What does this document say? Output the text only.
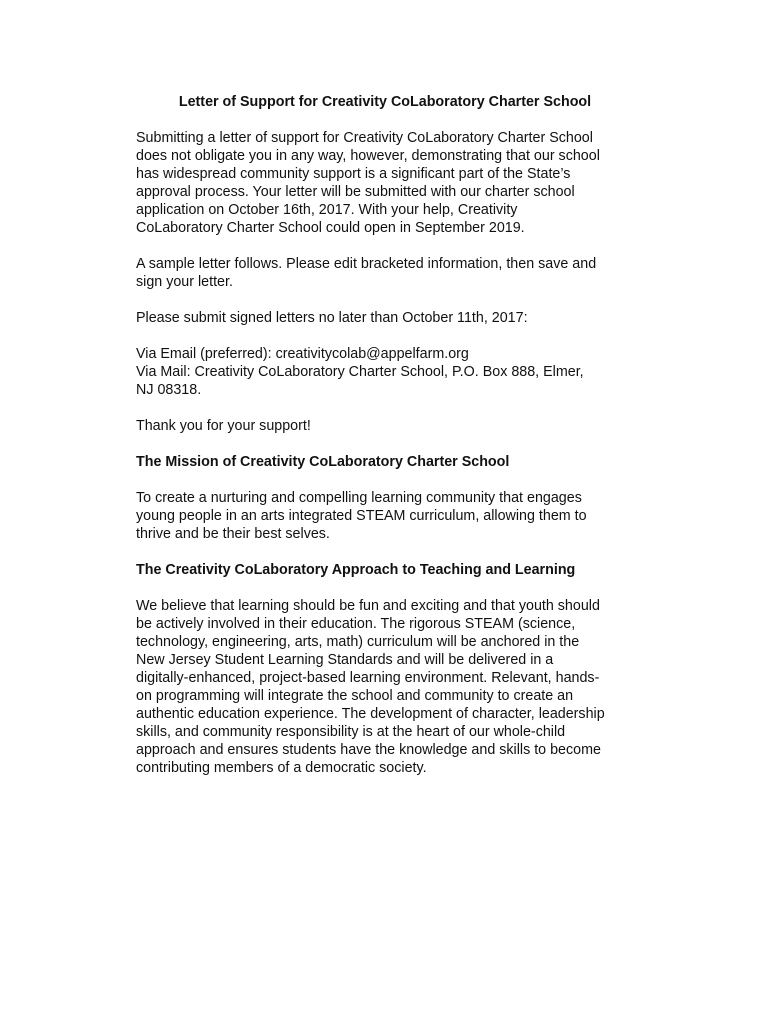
Letter of Support for Creativity CoLaboratory Charter School
Submitting a letter of support for Creativity CoLaboratory Charter School
does not obligate you in any way, however, demonstrating that our school
has widespread community support is a significant part of the State’s
approval process. Your letter will be submitted with our charter school
application on October 16th, 2017. With your help, Creativity
CoLaboratory Charter School could open in September 2019.
A sample letter follows. Please edit bracketed information, then save and
sign your letter.
Please submit signed letters no later than October 11th, 2017:
Via Email (preferred): creativitycolab@appelfarm.org
Via Mail: Creativity CoLaboratory Charter School, P.O. Box 888, Elmer,
NJ 08318.
Thank you for your support!
The Mission of Creativity CoLaboratory Charter School
To create a nurturing and compelling learning community that engages
young people in an arts integrated STEAM curriculum, allowing them to
thrive and be their best selves.
The Creativity CoLaboratory Approach to Teaching and Learning
We believe that learning should be fun and exciting and that youth should
be actively involved in their education. The rigorous STEAM (science,
technology, engineering, arts, math) curriculum will be anchored in the
New Jersey Student Learning Standards and will be delivered in a
digitally-enhanced, project-based learning environment. Relevant, hands-
on programming will integrate the school and community to create an
authentic education experience. The development of character, leadership
skills, and community responsibility is at the heart of our whole-child
approach and ensures students have the knowledge and skills to become
contributing members of a democratic society.
